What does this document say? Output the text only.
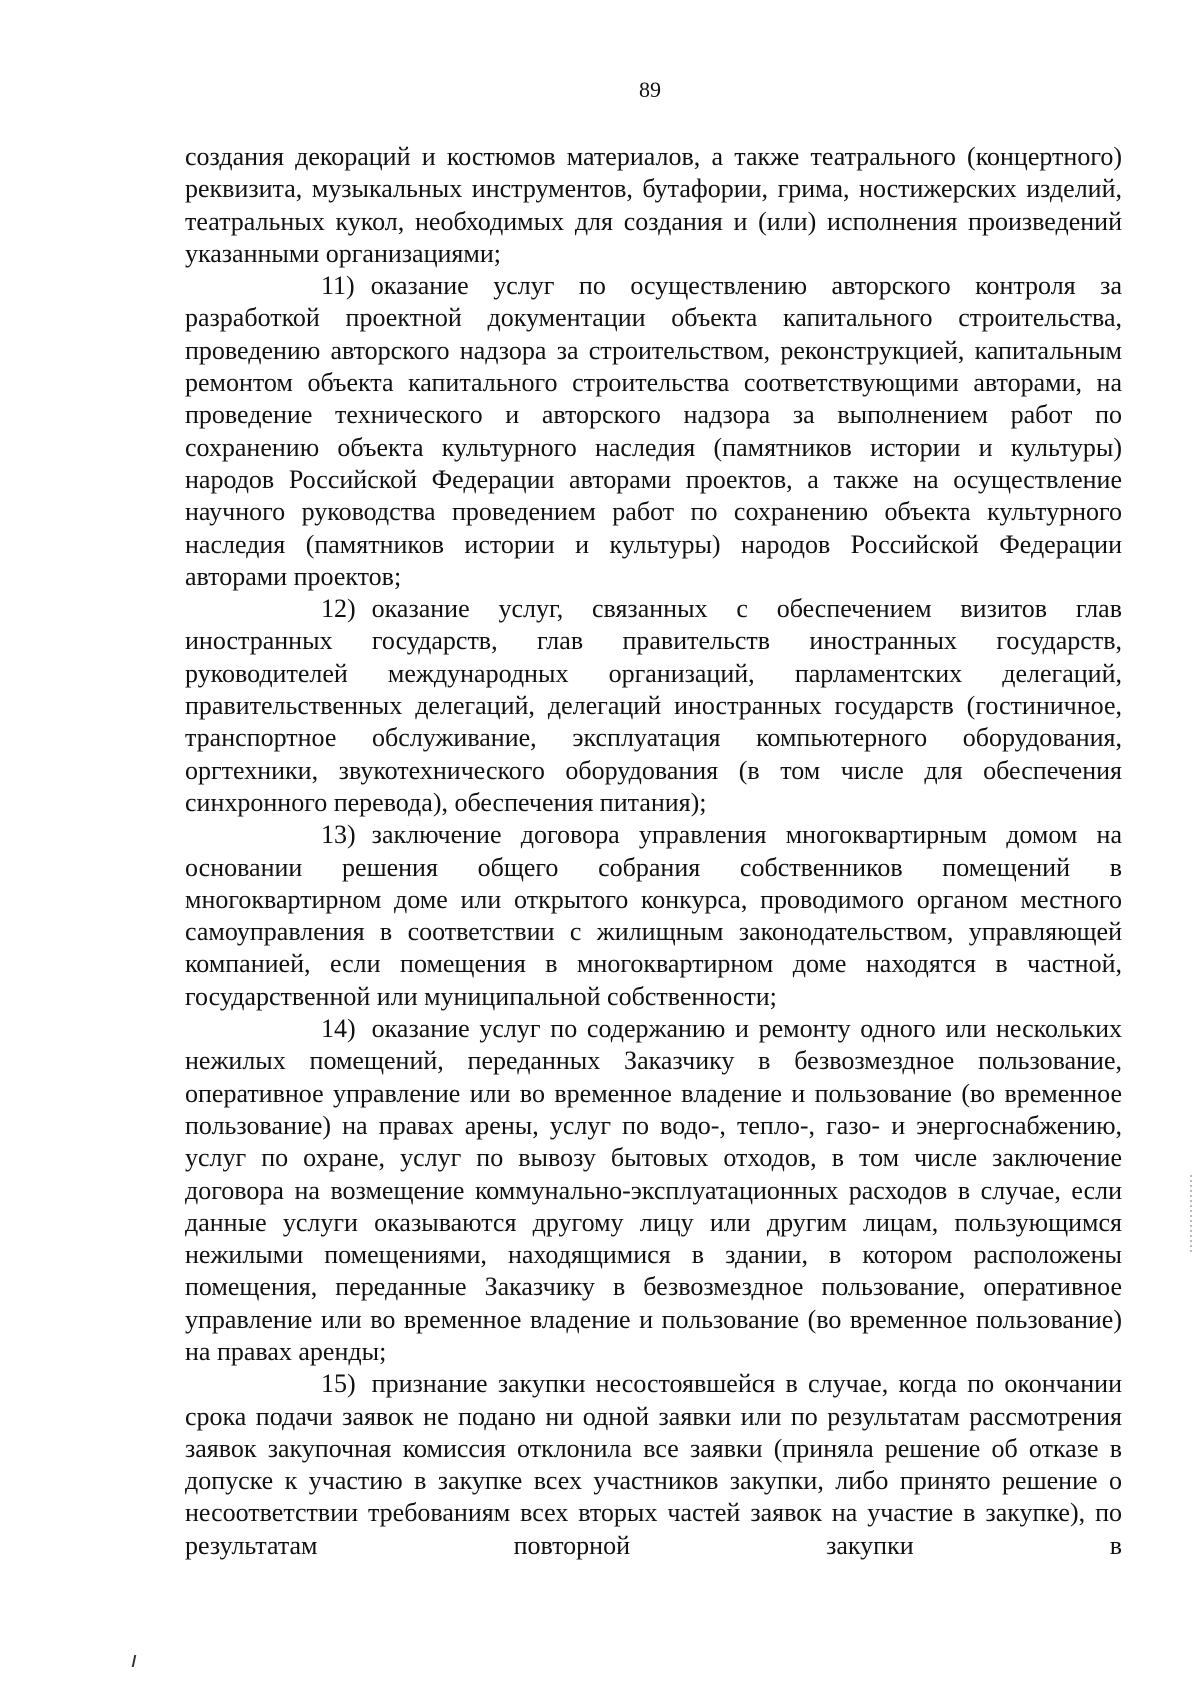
89

создания декораций и костюмов материалов, а также театрального (концертного) реквизита, музыкальных инструментов, бутафории, грима, ностижерских изделий, театральных кукол, необходимых для создания и (или) исполнения произведений указанными организациями;

11) оказание услуг по осуществлению авторского контроля за разработкой проектной документации объекта капитального строительства, проведению авторского надзора за строительством, реконструкцией, капитальным ремонтом объекта капитального строительства соответствующими авторами, на проведение технического и авторского надзора за выполнением работ по сохранению объекта культурного наследия (памятников истории и культуры) народов Российской Федерации авторами проектов, а также на осуществление научного руководства проведением работ по сохранению объекта культурного наследия (памятников истории и культуры) народов Российской Федерации авторами проектов;

12) оказание услуг, связанных с обеспечением визитов глав иностранных государств, глав правительств иностранных государств, руководителей международных организаций, парламентских делегаций, правительственных делегаций, делегаций иностранных государств (гостиничное, транспортное обслуживание, эксплуатация компьютерного оборудования, оргтехники, звукотехнического оборудования (в том числе для обеспечения синхронного перевода), обеспечения питания);

13) заключение договора управления многоквартирным домом на основании решения общего собрания собственников помещений в многоквартирном доме или открытого конкурса, проводимого органом местного самоуправления в соответствии с жилищным законодательством, управляющей компанией, если помещения в многоквартирном доме находятся в частной, государственной или муниципальной собственности;

14) оказание услуг по содержанию и ремонту одного или нескольких нежилых помещений, переданных Заказчику в безвозмездное пользование, оперативное управление или во временное владение и пользование (во временное пользование) на правах арены, услуг по водо-, тепло-, газо- и энергоснабжению, услуг по охране, услуг по вывозу бытовых отходов, в том числе заключение договора на возмещение коммунально-эксплуатационных расходов в случае, если данные услуги оказываются другому лицу или другим лицам, пользующимся нежилыми помещениями, находящимися в здании, в котором расположены помещения, переданные Заказчику в безвозмездное пользование, оперативное управление или во временное владение и пользование (во временное пользование) на правах аренды;

15) признание закупки несостоявшейся в случае, когда по окончании срока подачи заявок не подано ни одной заявки или по результатам рассмотрения заявок закупочная комиссия отклонила все заявки (приняла решение об отказе в допуске к участию в закупке всех участников закупки, либо принято решение о несоответствии требованиям всех вторых частей заявок на участие в закупке), по результатам повторной закупки в
